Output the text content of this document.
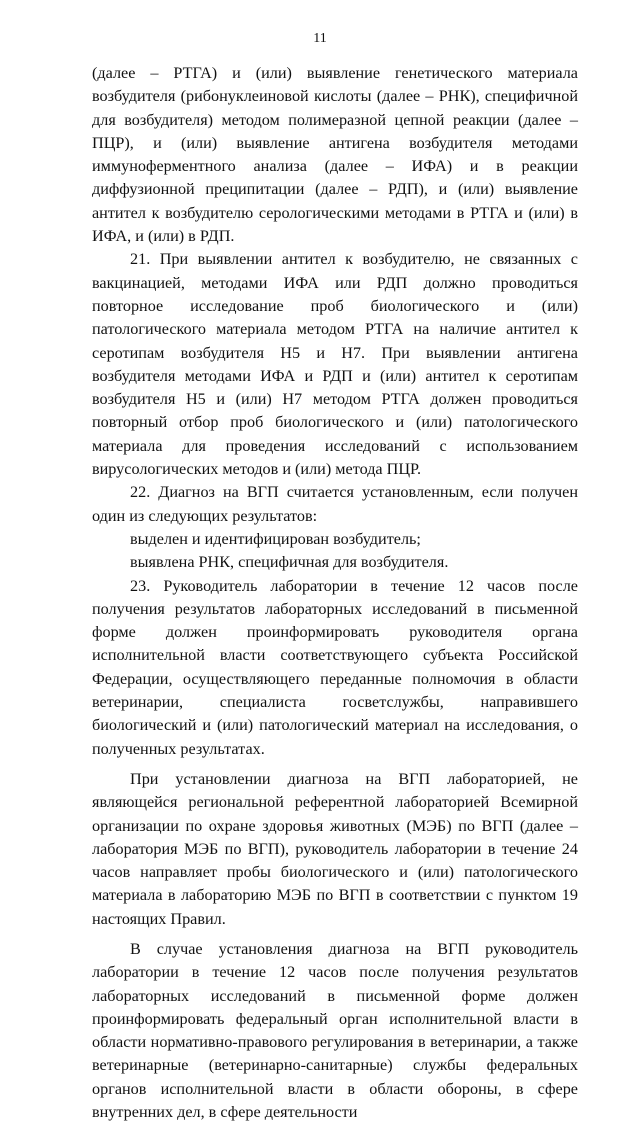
11

(далее – РТГА) и (или) выявление генетического материала возбудителя (рибонуклеиновой кислоты (далее – РНК), специфичной для возбудителя) методом полимеразной цепной реакции (далее – ПЦР), и (или) выявление антигена возбудителя методами иммуноферментного анализа (далее – ИФА) и в реакции диффузионной преципитации (далее – РДП), и (или) выявление антител к возбудителю серологическими методами в РТГА и (или) в ИФА, и (или) в РДП.

21. При выявлении антител к возбудителю, не связанных с вакцинацией, методами ИФА или РДП должно проводиться повторное исследование проб биологического и (или) патологического материала методом РТГА на наличие антител к серотипам возбудителя Н5 и Н7. При выявлении антигена возбудителя методами ИФА и РДП и (или) антител к серотипам возбудителя Н5 и (или) Н7 методом РТГА должен проводиться повторный отбор проб биологического и (или) патологического материала для проведения исследований с использованием вирусологических методов и (или) метода ПЦР.

22. Диагноз на ВГП считается установленным, если получен один из следующих результатов:

выделен и идентифицирован возбудитель;

выявлена РНК, специфичная для возбудителя.

23. Руководитель лаборатории в течение 12 часов после получения результатов лабораторных исследований в письменной форме должен проинформировать руководителя органа исполнительной власти соответствующего субъекта Российской Федерации, осуществляющего переданные полномочия в области ветеринарии, специалиста госветслужбы, направившего биологический и (или) патологический материал на исследования, о полученных результатах.

При установлении диагноза на ВГП лабораторией, не являющейся региональной референтной лабораторией Всемирной организации по охране здоровья животных (МЭБ) по ВГП (далее – лаборатория МЭБ по ВГП), руководитель лаборатории в течение 24 часов направляет пробы биологического и (или) патологического материала в лабораторию МЭБ по ВГП в соответствии с пунктом 19 настоящих Правил.

В случае установления диагноза на ВГП руководитель лаборатории в течение 12 часов после получения результатов лабораторных исследований в письменной форме должен проинформировать федеральный орган исполнительной власти в области нормативно-правового регулирования в ветеринарии, а также ветеринарные (ветеринарно-санитарные) службы федеральных органов исполнительной власти в области обороны, в сфере внутренних дел, в сфере деятельности
